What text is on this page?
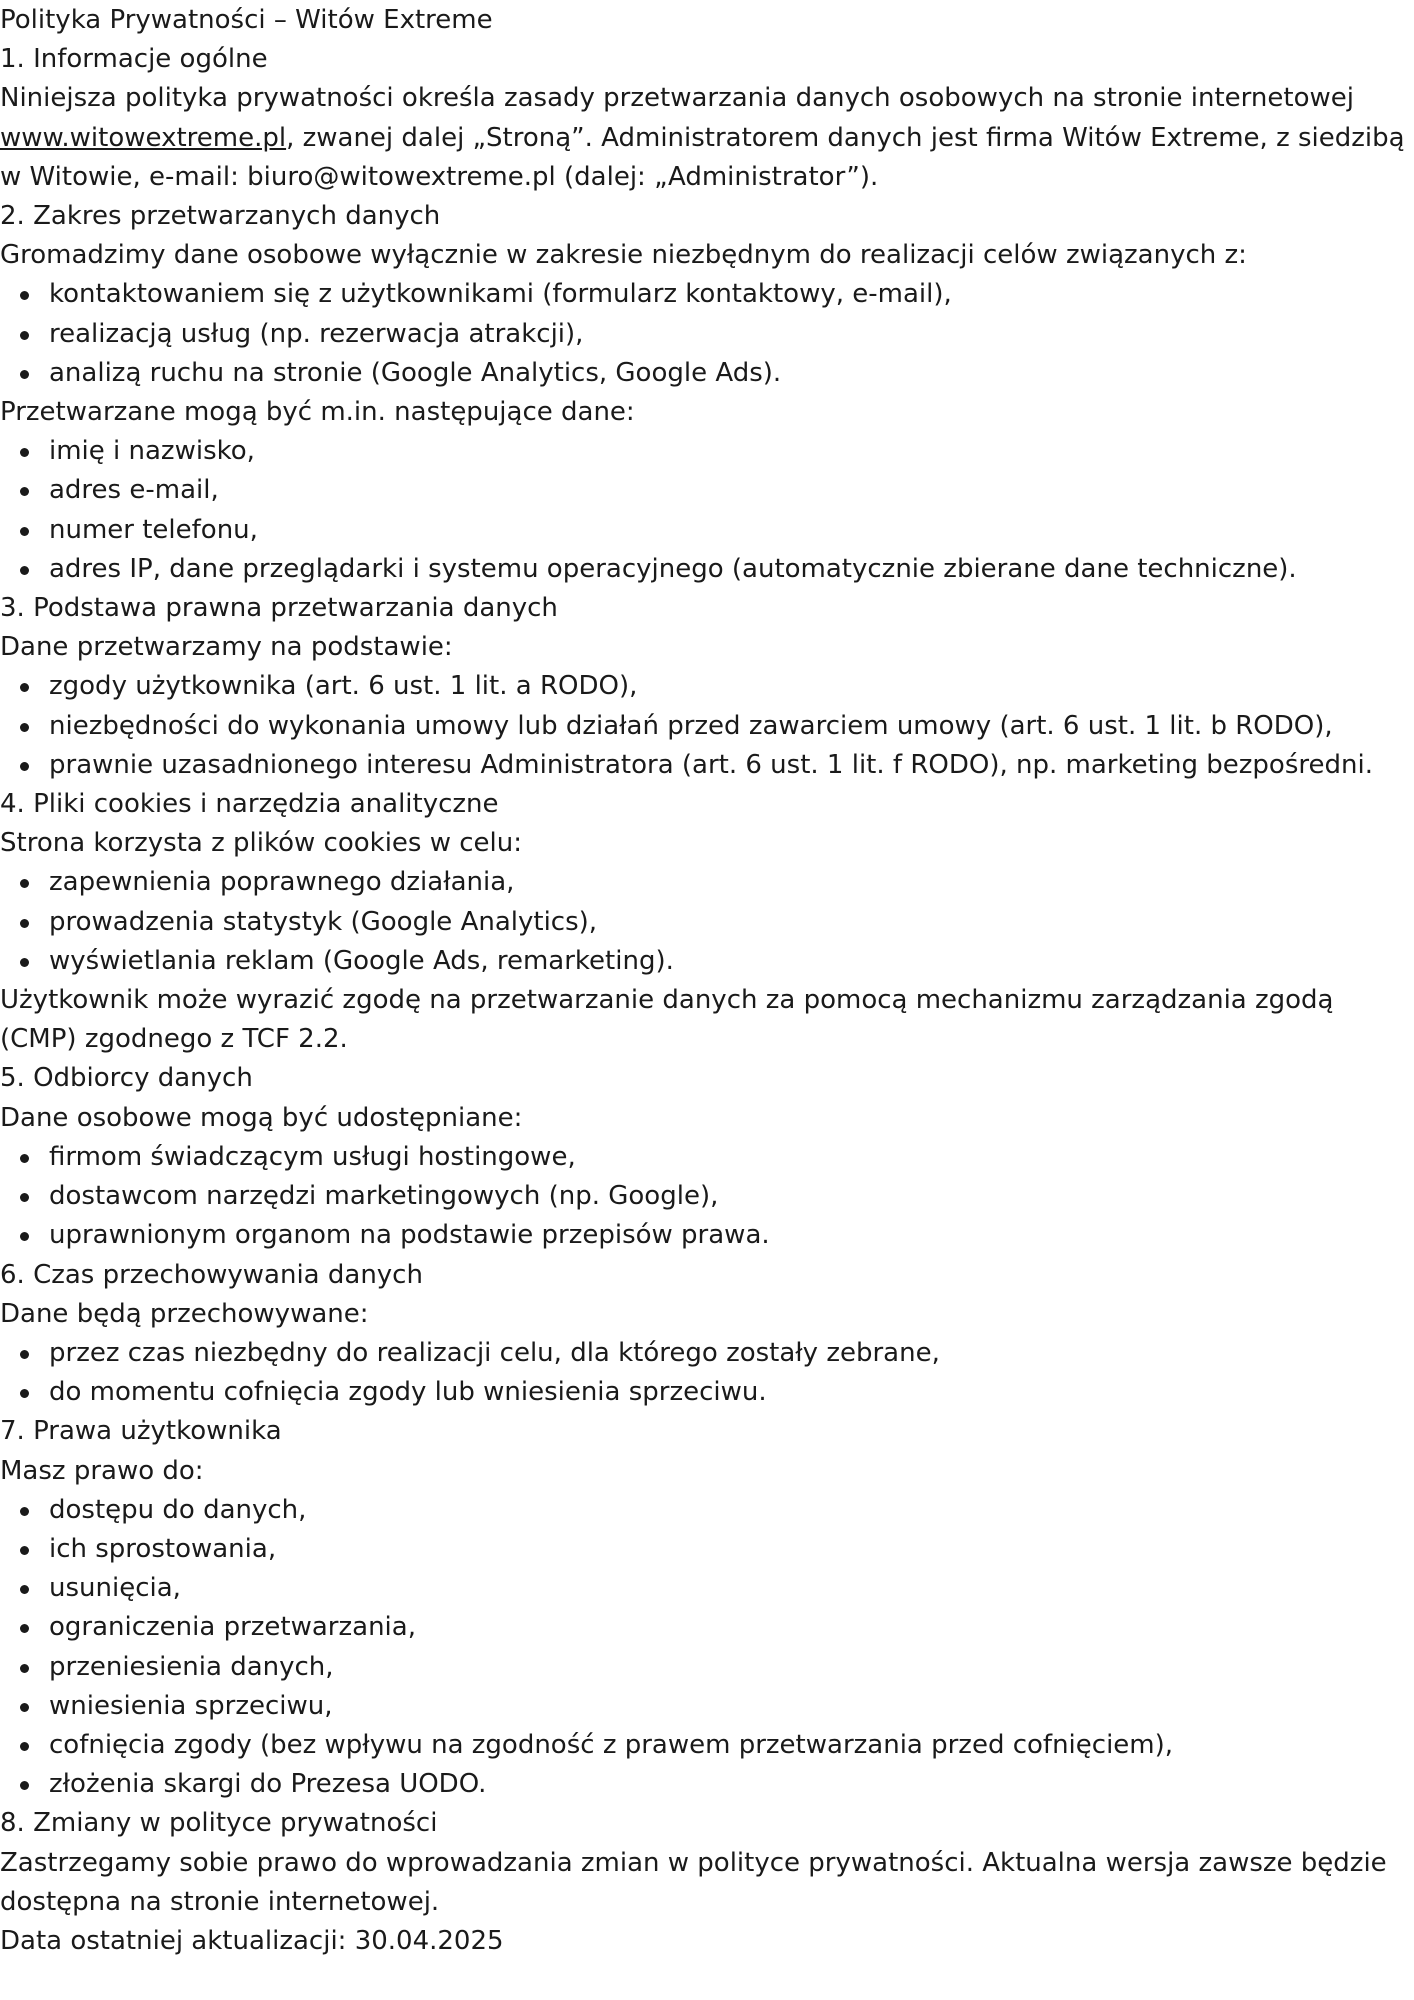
Polityka Prywatności – Witów Extreme

1. Informacje ogólne

Niniejsza polityka prywatności określa zasady przetwarzania danych osobowych na stronie internetowej www.witowextreme.pl, zwanej dalej „Stroną”. Administratorem danych jest firma Witów Extreme, z siedzibą w Witowie, e-mail: biuro@witowextreme.pl (dalej: „Administrator”).

2. Zakres przetwarzanych danych

Gromadzimy dane osobowe wyłącznie w zakresie niezbędnym do realizacji celów związanych z:

kontaktowaniem się z użytkownikami (formularz kontaktowy, e-mail),
realizacją usług (np. rezerwacja atrakcji),
analizą ruchu na stronie (Google Analytics, Google Ads).

Przetwarzane mogą być m.in. następujące dane:

imię i nazwisko,
adres e-mail,
numer telefonu,
adres IP, dane przeglądarki i systemu operacyjnego (automatycznie zbierane dane techniczne).

3. Podstawa prawna przetwarzania danych

Dane przetwarzamy na podstawie:

zgody użytkownika (art. 6 ust. 1 lit. a RODO),
niezbędności do wykonania umowy lub działań przed zawarciem umowy (art. 6 ust. 1 lit. b RODO),
prawnie uzasadnionego interesu Administratora (art. 6 ust. 1 lit. f RODO), np. marketing bezpośredni.

4. Pliki cookies i narzędzia analityczne

Strona korzysta z plików cookies w celu:

zapewnienia poprawnego działania,
prowadzenia statystyk (Google Analytics),
wyświetlania reklam (Google Ads, remarketing).

Użytkownik może wyrazić zgodę na przetwarzanie danych za pomocą mechanizmu zarządzania zgodą (CMP) zgodnego z TCF 2.2.

5. Odbiorcy danych

Dane osobowe mogą być udostępniane:

firmom świadczącym usługi hostingowe,
dostawcom narzędzi marketingowych (np. Google),
uprawnionym organom na podstawie przepisów prawa.

6. Czas przechowywania danych

Dane będą przechowywane:

przez czas niezbędny do realizacji celu, dla którego zostały zebrane,
do momentu cofnięcia zgody lub wniesienia sprzeciwu.

7. Prawa użytkownika

Masz prawo do:

dostępu do danych,
ich sprostowania,
usunięcia,
ograniczenia przetwarzania,
przeniesienia danych,
wniesienia sprzeciwu,
cofnięcia zgody (bez wpływu na zgodność z prawem przetwarzania przed cofnięciem),
złożenia skargi do Prezesa UODO.

8. Zmiany w polityce prywatności

Zastrzegamy sobie prawo do wprowadzania zmian w polityce prywatności. Aktualna wersja zawsze będzie dostępna na stronie internetowej.

Data ostatniej aktualizacji: 30.04.2025
